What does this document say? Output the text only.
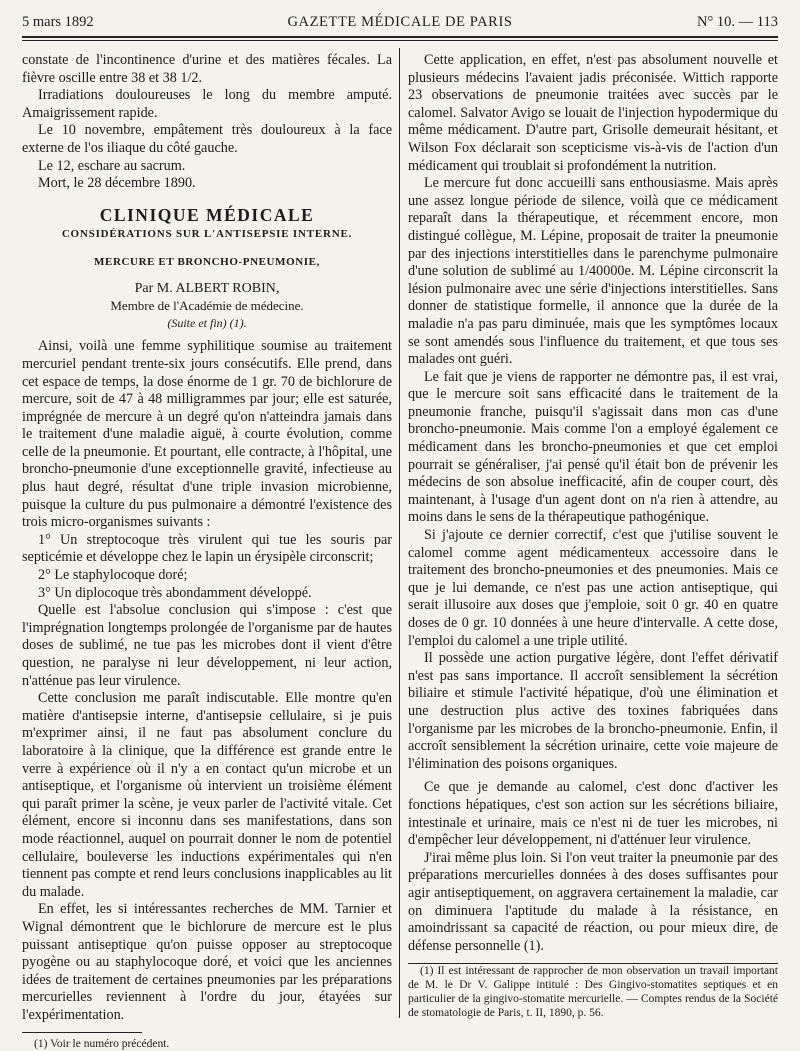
5 mars 1892	GAZETTE MÉDICALE DE PARIS	N° 10. — 113

constate de l'incontinence d'urine et des matières fécales. La fièvre oscille entre 38 et 38 1/2.

Irradiations douloureuses le long du membre amputé. Amaigrissement rapide.

Le 10 novembre, empâtement très douloureux à la face externe de l'os iliaque du côté gauche.

Le 12, eschare au sacrum.

Mort, le 28 décembre 1890.

CLINIQUE MÉDICALE
CONSIDÉRATIONS SUR L'ANTISEPSIE INTERNE.
MERCURE ET BRONCHO-PNEUMONIE,
Par M. ALBERT ROBIN,
Membre de l'Académie de médecine.
(Suite et fin) (1).

Ainsi, voilà une femme syphilitique soumise au traitement mercuriel pendant trente-six jours consécutifs. Elle prend, dans cet espace de temps, la dose énorme de 1 gr. 70 de bichlorure de mercure, soit de 47 à 48 milligrammes par jour; elle est saturée, imprégnée de mercure à un degré qu'on n'atteindra jamais dans le traitement d'une maladie aiguë, à courte évolution, comme celle de la pneumonie. Et pourtant, elle contracte, à l'hôpital, une broncho-pneumonie d'une exceptionnelle gravité, infectieuse au plus haut degré, résultat d'une triple invasion microbienne, puisque la culture du pus pulmonaire a démontré l'existence des trois micro-organismes suivants :

1° Un streptocoque très virulent qui tue les souris par septicémie et développe chez le lapin un érysipèle circonscrit;

2° Le staphylocoque doré;

3° Un diplocoque très abondamment développé.

Quelle est l'absolue conclusion qui s'impose : c'est que l'imprégnation longtemps prolongée de l'organisme par de hautes doses de sublimé, ne tue pas les microbes dont il vient d'être question, ne paralyse ni leur développement, ni leur action, n'atténue pas leur virulence.

Cette conclusion me paraît indiscutable. Elle montre qu'en matière d'antisepsie interne, d'antisepsie cellulaire, si je puis m'exprimer ainsi, il ne faut pas absolument conclure du laboratoire à la clinique, que la différence est grande entre le verre à expérience où il n'y a en contact qu'un microbe et un antiseptique, et l'organisme où intervient un troisième élément qui paraît primer la scène, je veux parler de l'activité vitale. Cet élément, encore si inconnu dans ses manifestations, dans son mode réactionnel, auquel on pourrait donner le nom de potentiel cellulaire, bouleverse les inductions expérimentales qui n'en tiennent pas compte et rend leurs conclusions inapplicables au lit du malade.

En effet, les si intéressantes recherches de MM. Tarnier et Wignal démontrent que le bichlorure de mercure est le plus puissant antiseptique qu'on puisse opposer au streptocoque pyogène ou au staphylocoque doré, et voici que les anciennes idées de traitement de certaines pneumonies par les préparations mercurielles reviennent à l'ordre du jour, étayées sur l'expérimentation.

(1) Voir le numéro précédent.

Cette application, en effet, n'est pas absolument nouvelle et plusieurs médecins l'avaient jadis préconisée. Wittich rapporte 23 observations de pneumonie traitées avec succès par le calomel. Salvator Avigo se louait de l'injection hypodermique du même médicament. D'autre part, Grisolle demeurait hésitant, et Wilson Fox déclarait son scepticisme vis-à-vis de l'action d'un médicament qui troublait si profondément la nutrition.

Le mercure fut donc accueilli sans enthousiasme. Mais après une assez longue période de silence, voilà que ce médicament reparaît dans la thérapeutique, et récemment encore, mon distingué collègue, M. Lépine, proposait de traiter la pneumonie par des injections interstitielles dans le parenchyme pulmonaire d'une solution de sublimé au 1/40000e. M. Lépine circonscrit la lésion pulmonaire avec une série d'injections interstitielles. Sans donner de statistique formelle, il annonce que la durée de la maladie n'a pas paru diminuée, mais que les symptômes locaux se sont amendés sous l'influence du traitement, et que tous ses malades ont guéri.

Le fait que je viens de rapporter ne démontre pas, il est vrai, que le mercure soit sans efficacité dans le traitement de la pneumonie franche, puisqu'il s'agissait dans mon cas d'une broncho-pneumonie. Mais comme l'on a employé également ce médicament dans les broncho-pneumonies et que cet emploi pourrait se généraliser, j'ai pensé qu'il était bon de prévenir les médecins de son absolue inefficacité, afin de couper court, dès maintenant, à l'usage d'un agent dont on n'a rien à attendre, au moins dans le sens de la thérapeutique pathogénique.

Si j'ajoute ce dernier correctif, c'est que j'utilise souvent le calomel comme agent médicamenteux accessoire dans le traitement des broncho-pneumonies et des pneumonies. Mais ce que je lui demande, ce n'est pas une action antiseptique, qui serait illusoire aux doses que j'emploie, soit 0 gr. 40 en quatre doses de 0 gr. 10 données à une heure d'intervalle. A cette dose, l'emploi du calomel a une triple utilité.

Il possède une action purgative légère, dont l'effet dérivatif n'est pas sans importance. Il accroît sensiblement la sécrétion biliaire et stimule l'activité hépatique, d'où une élimination et une destruction plus active des toxines fabriquées dans l'organisme par les microbes de la broncho-pneumonie. Enfin, il accroît sensiblement la sécrétion urinaire, cette voie majeure de l'élimination des poisons organiques.

Ce que je demande au calomel, c'est donc d'activer les fonctions hépatiques, c'est son action sur les sécrétions biliaire, intestinale et urinaire, mais ce n'est ni de tuer les microbes, ni d'empêcher leur développement, ni d'atténuer leur virulence.

J'irai même plus loin. Si l'on veut traiter la pneumonie par des préparations mercurielles données à des doses suffisantes pour agir antiseptiquement, on aggravera certainement la maladie, car on diminuera l'aptitude du malade à la résistance, en amoindrissant sa capacité de réaction, ou pour mieux dire, de défense personnelle (1).

(1) Il est intéressant de rapprocher de mon observation un travail important de M. le Dr V. Galippe intitulé : Des Gingivo-stomatites septiques et en particulier de la gingivo-stomatite mercurielle. — Comptes rendus de la Société de stomatologie de Paris, t. II, 1890, p. 56.
